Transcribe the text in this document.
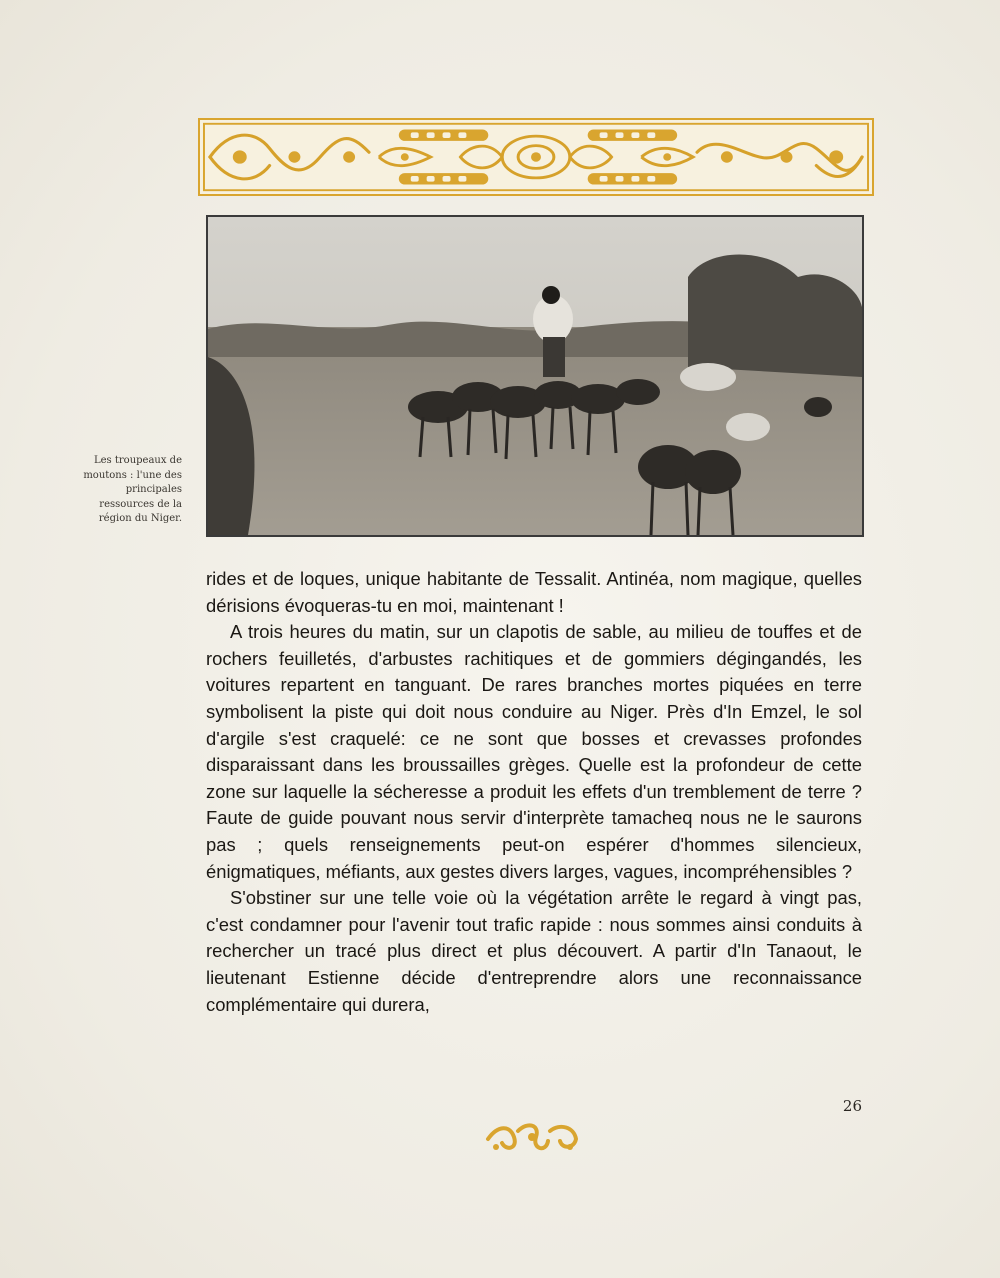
Les troupeaux de
moutons : l'une des
principales
ressources de la
région du Niger.

rides et de loques, unique habitante de Tessalit. Antinéa, nom magique, quelles dérisions évoqueras-tu en moi, maintenant !

A trois heures du matin, sur un clapotis de sable, au milieu de touffes et de rochers feuilletés, d'arbustes rachitiques et de gommiers dégingandés, les voitures repartent en tanguant. De rares branches mortes piquées en terre symbolisent la piste qui doit nous conduire au Niger. Près d'In Emzel, le sol d'argile s'est craquelé: ce ne sont que bosses et crevasses profondes disparaissant dans les broussailles grèges. Quelle est la profondeur de cette zone sur laquelle la sécheresse a produit les effets d'un tremblement de terre ? Faute de guide pouvant nous servir d'interprète tamacheq nous ne le saurons pas ; quels renseignements peut-on espérer d'hommes silencieux, énigmatiques, méfiants, aux gestes divers larges, vagues, incompréhensibles ?

S'obstiner sur une telle voie où la végétation arrête le regard à vingt pas, c'est condamner pour l'avenir tout trafic rapide : nous sommes ainsi conduits à rechercher un tracé plus direct et plus découvert. A partir d'In Tanaout, le lieutenant Estienne décide d'entreprendre alors une reconnaissance complémentaire qui durera,

26
